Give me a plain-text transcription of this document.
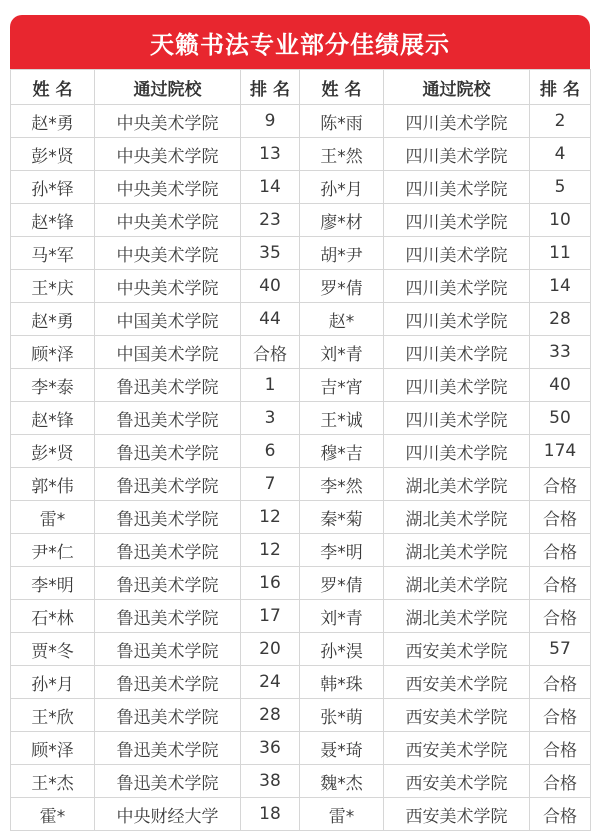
天籁书法专业部分佳绩展示
姓 名	通过院校	排 名	姓 名	通过院校	排 名
赵*勇	中央美术学院	9	陈*雨	四川美术学院	2
彭*贤	中央美术学院	13	王*然	四川美术学院	4
孙*铎	中央美术学院	14	孙*月	四川美术学院	5
赵*锋	中央美术学院	23	廖*材	四川美术学院	10
马*军	中央美术学院	35	胡*尹	四川美术学院	11
王*庆	中央美术学院	40	罗*倩	四川美术学院	14
赵*勇	中国美术学院	44	赵*	四川美术学院	28
顾*泽	中国美术学院	合格	刘*青	四川美术学院	33
李*泰	鲁迅美术学院	1	吉*宵	四川美术学院	40
赵*锋	鲁迅美术学院	3	王*诚	四川美术学院	50
彭*贤	鲁迅美术学院	6	穆*吉	四川美术学院	174
郭*伟	鲁迅美术学院	7	李*然	湖北美术学院	合格
雷*	鲁迅美术学院	12	秦*菊	湖北美术学院	合格
尹*仁	鲁迅美术学院	12	李*明	湖北美术学院	合格
李*明	鲁迅美术学院	16	罗*倩	湖北美术学院	合格
石*林	鲁迅美术学院	17	刘*青	湖北美术学院	合格
贾*冬	鲁迅美术学院	20	孙*淏	西安美术学院	57
孙*月	鲁迅美术学院	24	韩*珠	西安美术学院	合格
王*欣	鲁迅美术学院	28	张*萌	西安美术学院	合格
顾*泽	鲁迅美术学院	36	聂*琦	西安美术学院	合格
王*杰	鲁迅美术学院	38	魏*杰	西安美术学院	合格
霍*	中央财经大学	18	雷*	西安美术学院	合格
